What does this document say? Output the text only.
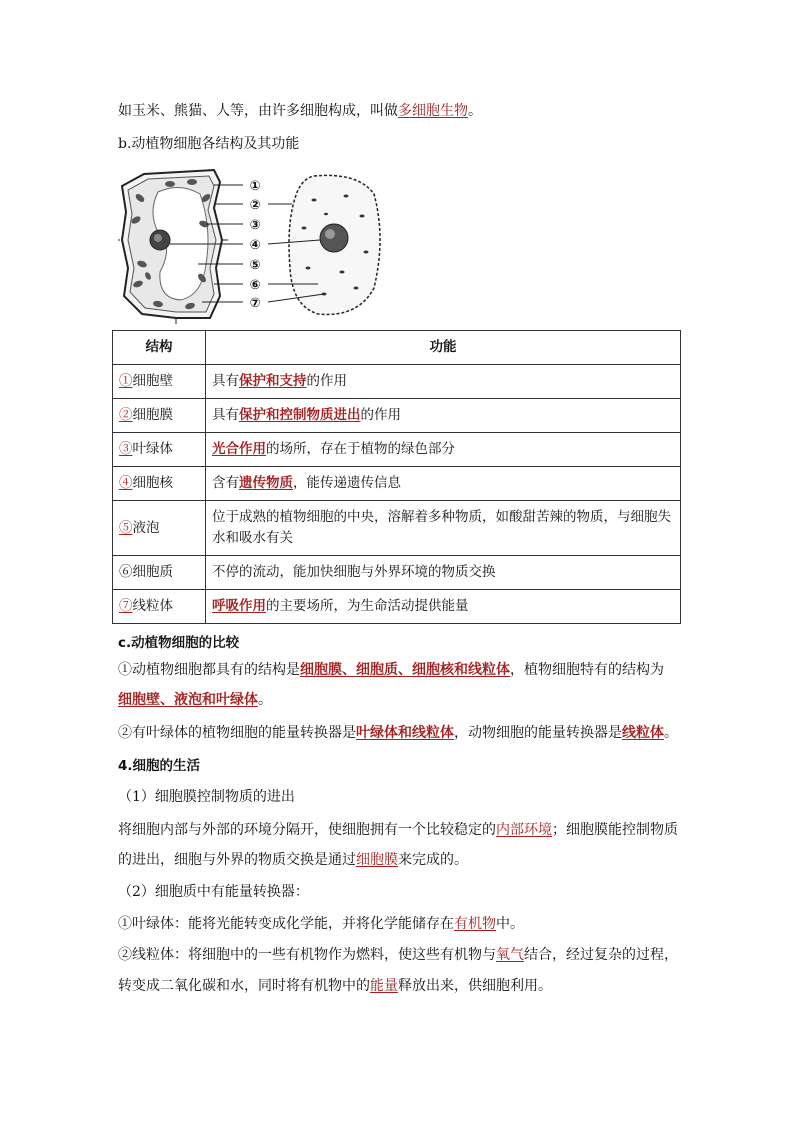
如玉米、熊猫、人等，由许多细胞构成，叫做多细胞生物。
b.动植物细胞各结构及其功能
①
②
③
④
⑤
⑥
⑦
结构	功能
①细胞壁	具有保护和支持的作用
②细胞膜	具有保护和控制物质进出的作用
③叶绿体	光合作用的场所，存在于植物的绿色部分
④细胞核	含有遗传物质，能传递遗传信息
⑤液泡	位于成熟的植物细胞的中央，溶解着多种物质，如酸甜苦辣的物质，与细胞失水和吸水有关
⑥细胞质	不停的流动，能加快细胞与外界环境的物质交换
⑦线粒体	呼吸作用的主要场所，为生命活动提供能量
c.动植物细胞的比较
①动植物细胞都具有的结构是细胞膜、细胞质、细胞核和线粒体，植物细胞特有的结构为
细胞壁、液泡和叶绿体。
②有叶绿体的植物细胞的能量转换器是叶绿体和线粒体，动物细胞的能量转换器是线粒体。
4.细胞的生活
（1）细胞膜控制物质的进出
将细胞内部与外部的环境分隔开，使细胞拥有一个比较稳定的内部环境；细胞膜能控制物质
的进出，细胞与外界的物质交换是通过细胞膜来完成的。
（2）细胞质中有能量转换器：
①叶绿体：能将光能转变成化学能，并将化学能储存在有机物中。
②线粒体：将细胞中的一些有机物作为燃料，使这些有机物与氧气结合，经过复杂的过程，
转变成二氧化碳和水，同时将有机物中的能量释放出来，供细胞利用。
